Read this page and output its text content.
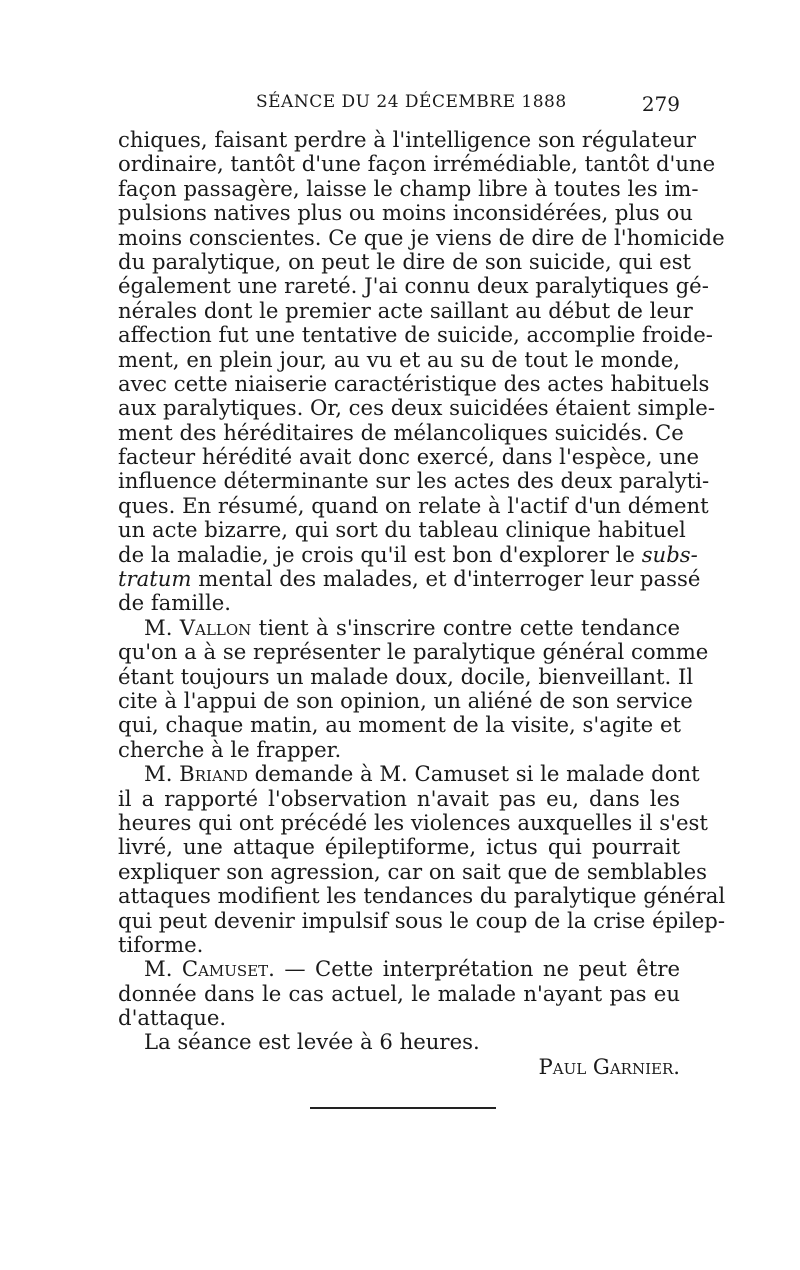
SÉANCE DU 24 DÉCEMBRE 1888	279
chiques, faisant perdre à l'intelligence son régulateur
ordinaire, tantôt d'une façon irrémédiable, tantôt d'une
façon passagère, laisse le champ libre à toutes les im-
pulsions natives plus ou moins inconsidérées, plus ou
moins conscientes. Ce que je viens de dire de l'homicide
du paralytique, on peut le dire de son suicide, qui est
également une rareté. J'ai connu deux paralytiques gé-
nérales dont le premier acte saillant au début de leur
affection fut une tentative de suicide, accomplie froide-
ment, en plein jour, au vu et au su de tout le monde,
avec cette niaiserie caractéristique des actes habituels
aux paralytiques. Or, ces deux suicidées étaient simple-
ment des héréditaires de mélancoliques suicidés. Ce
facteur hérédité avait donc exercé, dans l'espèce, une
influence déterminante sur les actes des deux paralyti-
ques. En résumé, quand on relate à l'actif d'un dément
un acte bizarre, qui sort du tableau clinique habituel
de la maladie, je crois qu'il est bon d'explorer le subs-
tratum mental des malades, et d'interroger leur passé
de famille.
M. Vallon tient à s'inscrire contre cette tendance
qu'on a à se représenter le paralytique général comme
étant toujours un malade doux, docile, bienveillant. Il
cite à l'appui de son opinion, un aliéné de son service
qui, chaque matin, au moment de la visite, s'agite et
cherche à le frapper.
M. Briand demande à M. Camuset si le malade dont
il a rapporté l'observation n'avait pas eu, dans les
heures qui ont précédé les violences auxquelles il s'est
livré, une attaque épileptiforme, ictus qui pourrait
expliquer son agression, car on sait que de semblables
attaques modifient les tendances du paralytique général
qui peut devenir impulsif sous le coup de la crise épilep-
tiforme.
M. Camuset. — Cette interprétation ne peut être
donnée dans le cas actuel, le malade n'ayant pas eu
d'attaque.
La séance est levée à 6 heures.
Paul Garnier.
